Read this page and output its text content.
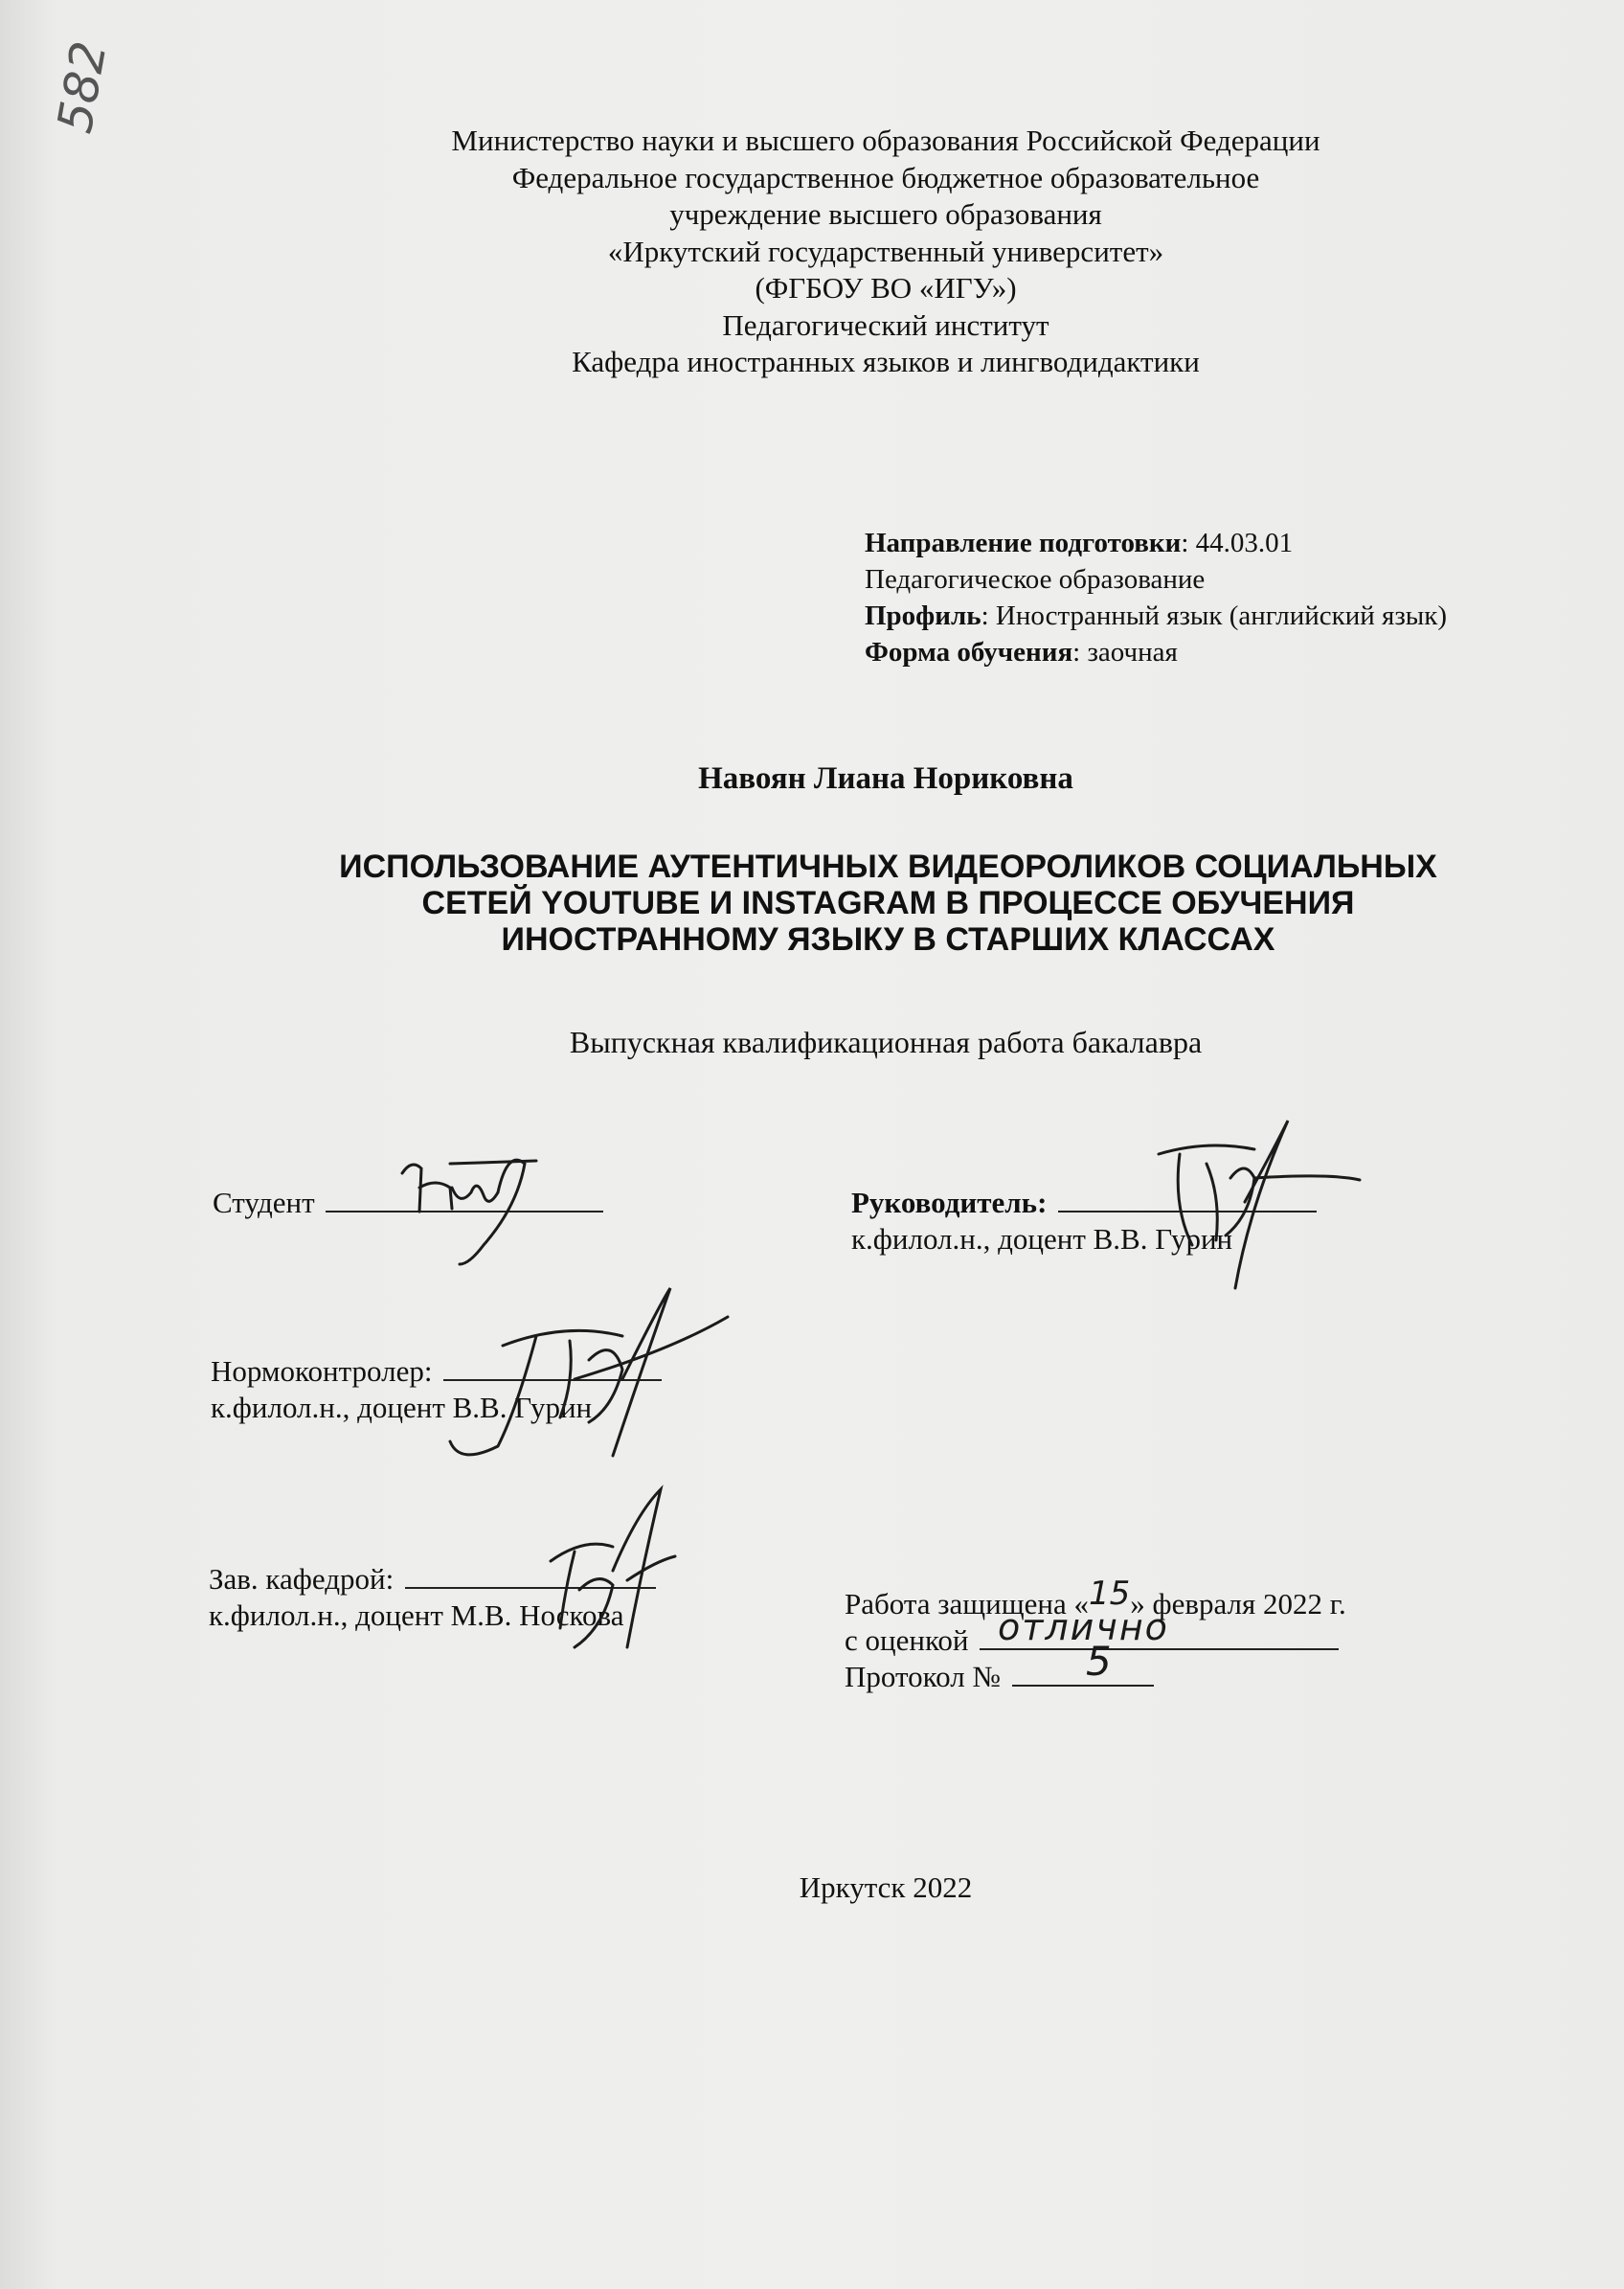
582
Министерство науки и высшего образования Российской Федерации
Федеральное государственное бюджетное образовательное
учреждение высшего образования
«Иркутский государственный университет»
(ФГБОУ ВО «ИГУ»)
Педагогический институт
Кафедра иностранных языков и лингводидактики
Направление подготовки: 44.03.01
Педагогическое образование
Профиль: Иностранный язык (английский язык)
Форма обучения: заочная
Навоян Лиана Нориковна
ИСПОЛЬЗОВАНИЕ АУТЕНТИЧНЫХ ВИДЕОРОЛИКОВ СОЦИАЛЬНЫХ
СЕТЕЙ YOUTUBE И INSTAGRAM В ПРОЦЕССЕ ОБУЧЕНИЯ
ИНОСТРАННОМУ ЯЗЫКУ В СТАРШИХ КЛАССАХ
Выпускная квалификационная работа бакалавра
Студент	Руководитель:
к.филол.н., доцент В.В. Гурин
Нормоконтролер:
к.филол.н., доцент В.В. Гурин
Зав. кафедрой:
к.филол.н., доцент М.В. Носкова	Работа защищена «15» февраля 2022 г.
с оценкой отлично
Протокол № 5
Иркутск 2022
